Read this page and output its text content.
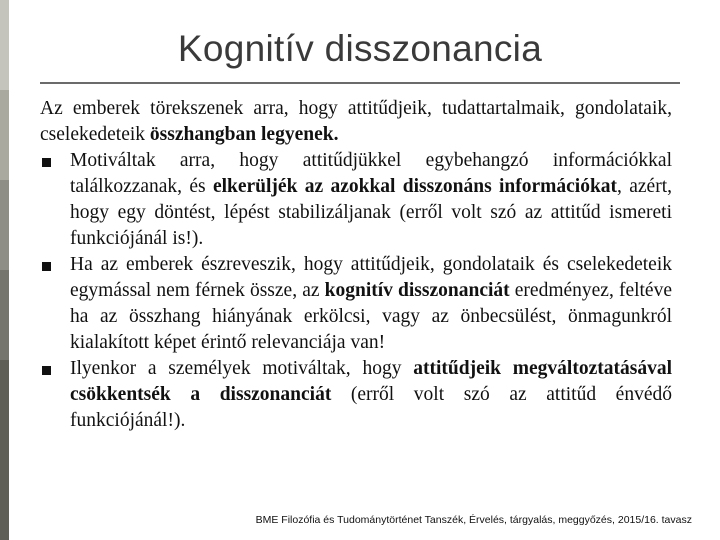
Kognitív disszonancia

Az emberek törekszenek arra, hogy attitűdjeik, tudattartalmaik, gondolataik, cselekedeteik összhangban legyenek.

Motiváltak arra, hogy attitűdjükkel egybehangzó információkkal találkozzanak, és elkerüljék az azokkal disszonáns információkat, azért, hogy egy döntést, lépést stabilizáljanak (erről volt szó az attitűd ismereti funkciójánál is!).
Ha az emberek észreveszik, hogy attitűdjeik, gondolataik és cselekedeteik egymással nem férnek össze, az kognitív disszonanciát eredményez, feltéve ha az összhang hiányának erkölcsi, vagy az önbecsülést, önmagunkról kialakított képet érintő relevanciája van!
Ilyenkor a személyek motiváltak, hogy attitűdjeik megváltoztatásával csökkentsék a disszonanciát (erről volt szó az attitűd énvédő funkciójánál!).
BME Filozófia és Tudománytörténet Tanszék, Érvelés, tárgyalás, meggyőzés, 2015/16. tavasz
